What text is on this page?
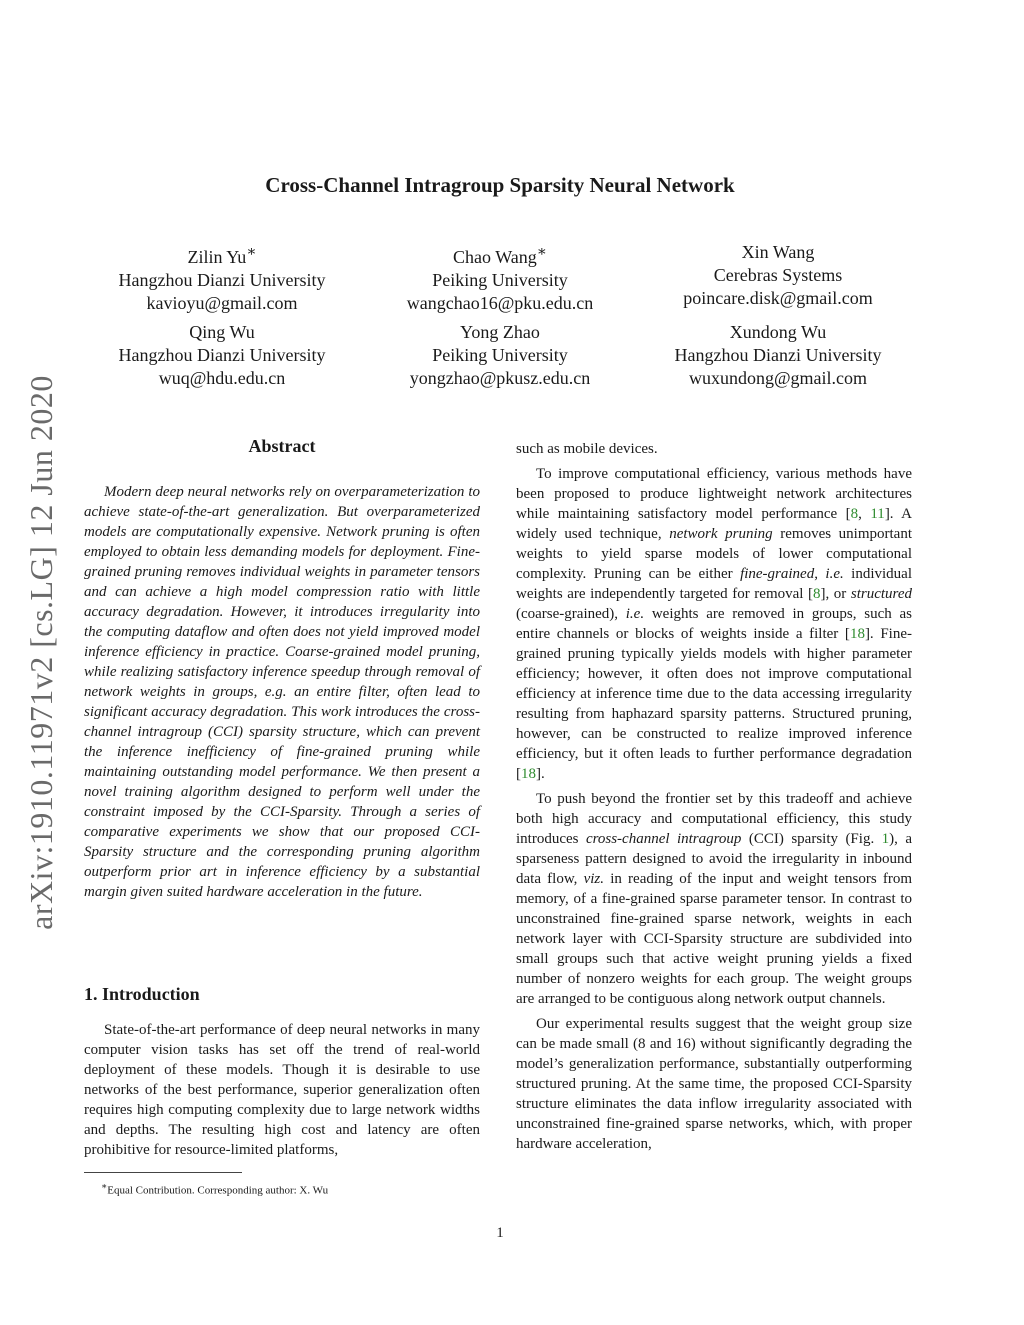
arXiv:1910.11971v2 [cs.LG] 12 Jun 2020
Cross-Channel Intragroup Sparsity Neural Network
Zilin Yu∗
Hangzhou Dianzi University
kavioyu@gmail.com
Chao Wang∗
Peiking University
wangchao16@pku.edu.cn
Xin Wang
Cerebras Systems
poincare.disk@gmail.com
Qing Wu
Hangzhou Dianzi University
wuq@hdu.edu.cn
Yong Zhao
Peiking University
yongzhao@pkusz.edu.cn
Xundong Wu
Hangzhou Dianzi University
wuxundong@gmail.com
Abstract

Modern deep neural networks rely on overparameterization to achieve state-of-the-art generalization. But overparameterized models are computationally expensive. Network pruning is often employed to obtain less demanding models for deployment. Fine-grained pruning removes individual weights in parameter tensors and can achieve a high model compression ratio with little accuracy degradation. However, it introduces irregularity into the computing dataflow and often does not yield improved model inference efficiency in practice. Coarse-grained model pruning, while realizing satisfactory inference speedup through removal of network weights in groups, e.g. an entire filter, often lead to significant accuracy degradation. This work introduces the cross-channel intragroup (CCI) sparsity structure, which can prevent the inference inefficiency of fine-grained pruning while maintaining outstanding model performance. We then present a novel training algorithm designed to perform well under the constraint imposed by the CCI-Sparsity. Through a series of comparative experiments we show that our proposed CCI-Sparsity structure and the corresponding pruning algorithm outperform prior art in inference efficiency by a substantial margin given suited hardware acceleration in the future.

1. Introduction

State-of-the-art performance of deep neural networks in many computer vision tasks has set off the trend of real-world deployment of these models. Though it is desirable to use networks of the best performance, superior generalization often requires high computing complexity due to large network widths and depths. The resulting high cost and latency are often prohibitive for resource-limited platforms,

such as mobile devices.

To improve computational efficiency, various methods have been proposed to produce lightweight network architectures while maintaining satisfactory model performance [8, 11]. A widely used technique, network pruning removes unimportant weights to yield sparse models of lower computational complexity. Pruning can be either fine-grained, i.e. individual weights are independently targeted for removal [8], or structured (coarse-grained), i.e. weights are removed in groups, such as entire channels or blocks of weights inside a filter [18]. Fine-grained pruning typically yields models with higher parameter efficiency; however, it often does not improve computational efficiency at inference time due to the data accessing irregularity resulting from haphazard sparsity patterns. Structured pruning, however, can be constructed to realize improved inference efficiency, but it often leads to further performance degradation [18].

To push beyond the frontier set by this tradeoff and achieve both high accuracy and computational efficiency, this study introduces cross-channel intragroup (CCI) sparsity (Fig. 1), a sparseness pattern designed to avoid the irregularity in inbound data flow, viz. in reading of the input and weight tensors from memory, of a fine-grained sparse parameter tensor. In contrast to unconstrained fine-grained sparse network, weights in each network layer with CCI-Sparsity structure are subdivided into small groups such that active weight pruning yields a fixed number of nonzero weights for each group. The weight groups are arranged to be contiguous along network output channels.

Our experimental results suggest that the weight group size can be made small (8 and 16) without significantly degrading the model’s generalization performance, substantially outperforming structured pruning. At the same time, the proposed CCI-Sparsity structure eliminates the data inflow irregularity associated with unconstrained fine-grained sparse networks, which, with proper hardware acceleration,

∗Equal Contribution. Corresponding author: X. Wu
1
